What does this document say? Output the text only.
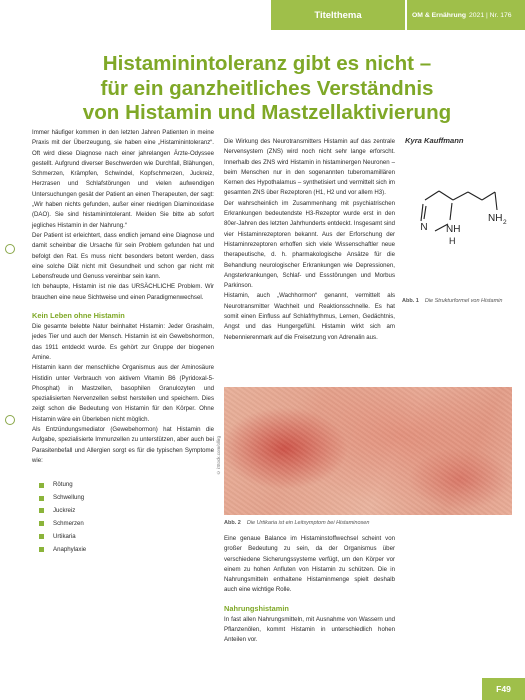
Titelthema	OM & Ernährung 2021 | Nr. 176
Histaminintoleranz gibt es nicht –
für ein ganzheitliches Verständnis
von Histamin und Mastzellaktivierung

Immer häufiger kommen in den letzten Jahren Patienten in meine Praxis mit der Überzeugung, sie haben eine „Histaminintoleranz“. Oft wird diese Diagnose nach einer jahrelangen Ärzte-Odyssee gestellt. Aufgrund diverser Beschwerden wie Durchfall, Blähungen, Schmerzen, Krämpfen, Schwindel, Kopfschmerzen, Juckreiz, Herzrasen und Schlafstörungen und vielen aufwendigen Untersuchungen gesät der Patient an einen Therapeuten, der sagt: „Wir haben nichts gefunden, außer einer niedrigen Diaminoxidase (DAO). Sie sind histaminintolerant. Meiden Sie bitte ab sofort jegliches Histamin in der Nahrung.“

Der Patient ist erleichtert, dass endlich jemand eine Diagnose und damit scheinbar die Ursache für sein Problem gefunden hat und befolgt den Rat. Es muss nicht besonders betont werden, dass eine solche Diät nicht mit Gesundheit und schon gar nicht mit Lebensfreude und Genuss vereinbar sein kann.

Ich behaupte, Histamin ist nie das URSÄCHLICHE Problem. Wir brauchen eine neue Sichtweise und einen Paradigmenwechsel.

Kein Leben ohne Histamin

Die gesamte belebte Natur beinhaltet Histamin: Jeder Grashalm, jedes Tier und auch der Mensch. Histamin ist ein Gewebshormon, das 1911 entdeckt wurde. Es gehört zur Gruppe der biogenen Amine.

Histamin kann der menschliche Organismus aus der Aminosäure Histidin unter Verbrauch von aktivem Vitamin B6 (Pyridoxal-5-Phosphat) in Mastzellen, basophilen Granulozyten und spezialisierten Nervenzellen selbst herstellen und speichern. Dies zeigt schon die Bedeutung von Histamin für den Körper. Ohne Histamin wäre ein Überleben nicht möglich.

Als Entzündungsmediator (Gewebehormon) hat Histamin die Aufgabe, spezialisierte Immunzellen zu unterstützen, aber auch bei Parasitenbefall und Allergien sorgt es für die typischen Symptome wie:

Rötung
Schwellung
Juckreiz
Schmerzen
Urtikaria
Anaphylaxie

Die Wirkung des Neurotransmitters Histamin auf das zentrale Nervensystem (ZNS) wird noch nicht sehr lange erforscht. Innerhalb des ZNS wird Histamin in histaminergen Neuronen – beim Menschen nur in den sogenannten tuberomamillären Kernen des Hypothalamus – synthetisiert und vermittelt sich im gesamten ZNS über Rezeptoren (H1, H2 und vor allem H3).

Der wahrscheinlich im Zusammenhang mit psychiatrischen Erkrankungen bedeutendste H3-Rezeptor wurde erst in den 80er-Jahren des letzten Jahrhunderts entdeckt. Insgesamt sind vier Histaminrezeptoren bekannt. Aus der Erforschung der Histaminrezeptoren erhoffen sich viele Wissenschaftler neue therapeutische, d. h. pharmakologische Ansätze für die Behandlung neurologischer Erkrankungen wie Depressionen, Angsterkrankungen, Schlaf- und Essstörungen und Morbus Parkinson.

Histamin, auch „Wachhormon“ genannt, vermittelt als Neurotransmitter Wachheit und Reaktionsschnelle. Es hat somit einen Einfluss auf Schlafrhythmus, Lernen, Gedächtnis, Angst und das Hungergefühl. Histamin wirkt sich am Nebennierenmark auf die Freisetzung von Adrenalin aus.

Kyra Kauffmann
N NH
H
NH 2
Abb. 1 Die Strukturformel von Histamin
© iStock.com/ollirg
Abb. 2 Die Urtikaria ist ein Leitsymptom bei Histaminosen

Eine genaue Balance im Histaminstoffwechsel scheint von großer Bedeutung zu sein, da der Organismus über verschiedene Sicherungssysteme verfügt, um den Körper vor einem zu hohen Anfluten von Histamin zu schützen. Die in Nahrungsmitteln enthaltene Histaminmenge spielt deshalb auch eine wichtige Rolle.

Nahrungshistamin

In fast allen Nahrungsmitteln, mit Ausnahme von Wassern und Pflanzenölen, kommt Histamin in unterschiedlich hohen Anteilen vor.

F49
